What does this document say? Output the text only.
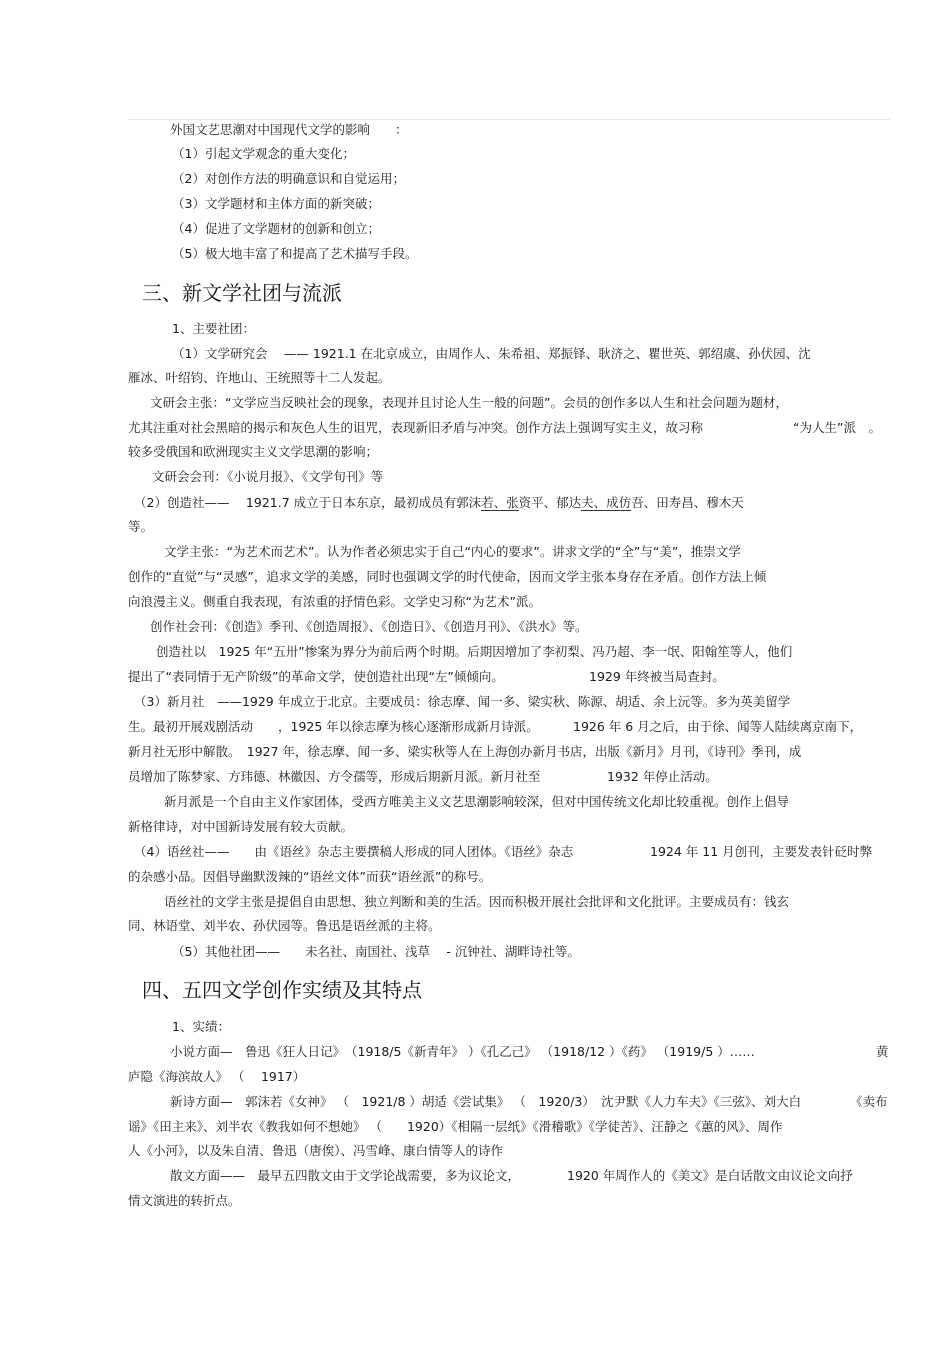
外国文艺思潮对中国现代文学的影响　　：
（1）引起文学观念的重大变化；
（2）对创作方法的明确意识和自觉运用；
（3）文学题材和主体方面的新突破；
（4）促进了文学题材的创新和创立；
（5）极大地丰富了和提高了艺术描写手段。
三、新文学社团与流派
1、主要社团：
（1）文学研究会　 —— 1921.1 在北京成立，由周作人、朱希祖、郑振铎、耿济之、瞿世英、郭绍虞、孙伏园、沈
雁冰、叶绍钧、许地山、王统照等十二人发起。
文研会主张：“文学应当反映社会的现象，表现并且讨论人生一般的问题”。会员的创作多以人生和社会问题为题材，
尤其注重对社会黑暗的揭示和灰色人生的诅咒，表现新旧矛盾与冲突。创作方法上强调写实主义，故习称	“为人生”派　。
较多受俄国和欧洲现实主义文学思潮的影响；
文研会会刊：《小说月报》、《文学旬刊》等
（2）创造社——　 1921.7 成立于日本东京，最初成员有郭沫若、张资平、郁达夫、成仿吾、田寿昌、穆木天
等。
文学主张：“为艺术而艺术”。认为作者必须忠实于自己“内心的要求”。讲求文学的“全”与“美”，推崇文学
创作的“直觉”与“灵感”，追求文学的美感，同时也强调文学的时代使命，因而文学主张本身存在矛盾。创作方法上倾
向浪漫主义。侧重自我表现，有浓重的抒情色彩。文学史习称“为艺术”派。
创作社会刊：《创造》季刊、《创造周报》、《创造日》、《创造月刊》、《洪水》等。
创造社以　1925 年“五卅”惨案为界分为前后两个时期。后期因增加了李初梨、冯乃超、李一氓、阳翰笙等人，他们
提出了“表同情于无产阶级”的革命文学，使创造社出现“左”倾倾向。	1929 年终被当局查封。
（3）新月社　——1929 年成立于北京。主要成员：徐志摩、闻一多、梁实秋、陈源、胡适、余上沅等。多为英美留学
生。最初开展戏剧活动　　，1925 年以徐志摩为核心逐渐形成新月诗派。	1926 年 6 月之后，由于徐、闻等人陆续离京南下，
新月社无形中解散。　1927 年，徐志摩、闻一多、梁实秋等人在上海创办新月书店，出版《新月》月刊，《诗刊》季刊，成
员增加了陈梦家、方玮德、林徽因、方令孺等，形成后期新月派。新月社至	1932 年停止活动。
新月派是一个自由主义作家团体，受西方唯美主义文艺思潮影响较深，但对中国传统文化却比较重视。创作上倡导
新格律诗，对中国新诗发展有较大贡献。
（4）语丝社——　　由《语丝》杂志主要撰稿人形成的同人团体。《语丝》杂志	1924 年 11 月创刊，主要发表针砭时弊
的杂感小品。因倡导幽默泼辣的“语丝文体”而获“语丝派”的称号。
语丝社的文学主张是提倡自由思想、独立判断和美的生活。因而积极开展社会批评和文化批评。主要成员有：钱玄
同、林语堂、刘半农、孙伏园等。鲁迅是语丝派的主将。
（5）其他社团——　　未名社、南国社、浅草　 - 沉钟社、湖畔诗社等。
四、五四文学创作实绩及其特点
1、实绩：
小说方面—　鲁迅《狂人日记》　（1918/5《新青年》 ）《孔乙己》 （1918/12 ）《药》 （1919/5 ）……	黄
庐隐《海滨故人》 （　 1917）
新诗方面—　郭沫若《女神》 （　1921/8 ）胡适《尝试集》 （　1920/3）　沈尹默《人力车夫》《三弦》、刘大白	《卖布
谣》《田主来》、刘半农《教我如何不想她》 （　　1920）《相隔一层纸》《滑稽歌》《学徒苦》、汪静之《蕙的风》、周作
人《小河》，以及朱自清、鲁迅（唐俟）、冯雪峰、康白情等人的诗作
散文方面——　最早五四散文由于文学论战需要，多为议论文，	1920 年周作人的《美文》是白话散文由议论文向抒
情文演进的转折点。
